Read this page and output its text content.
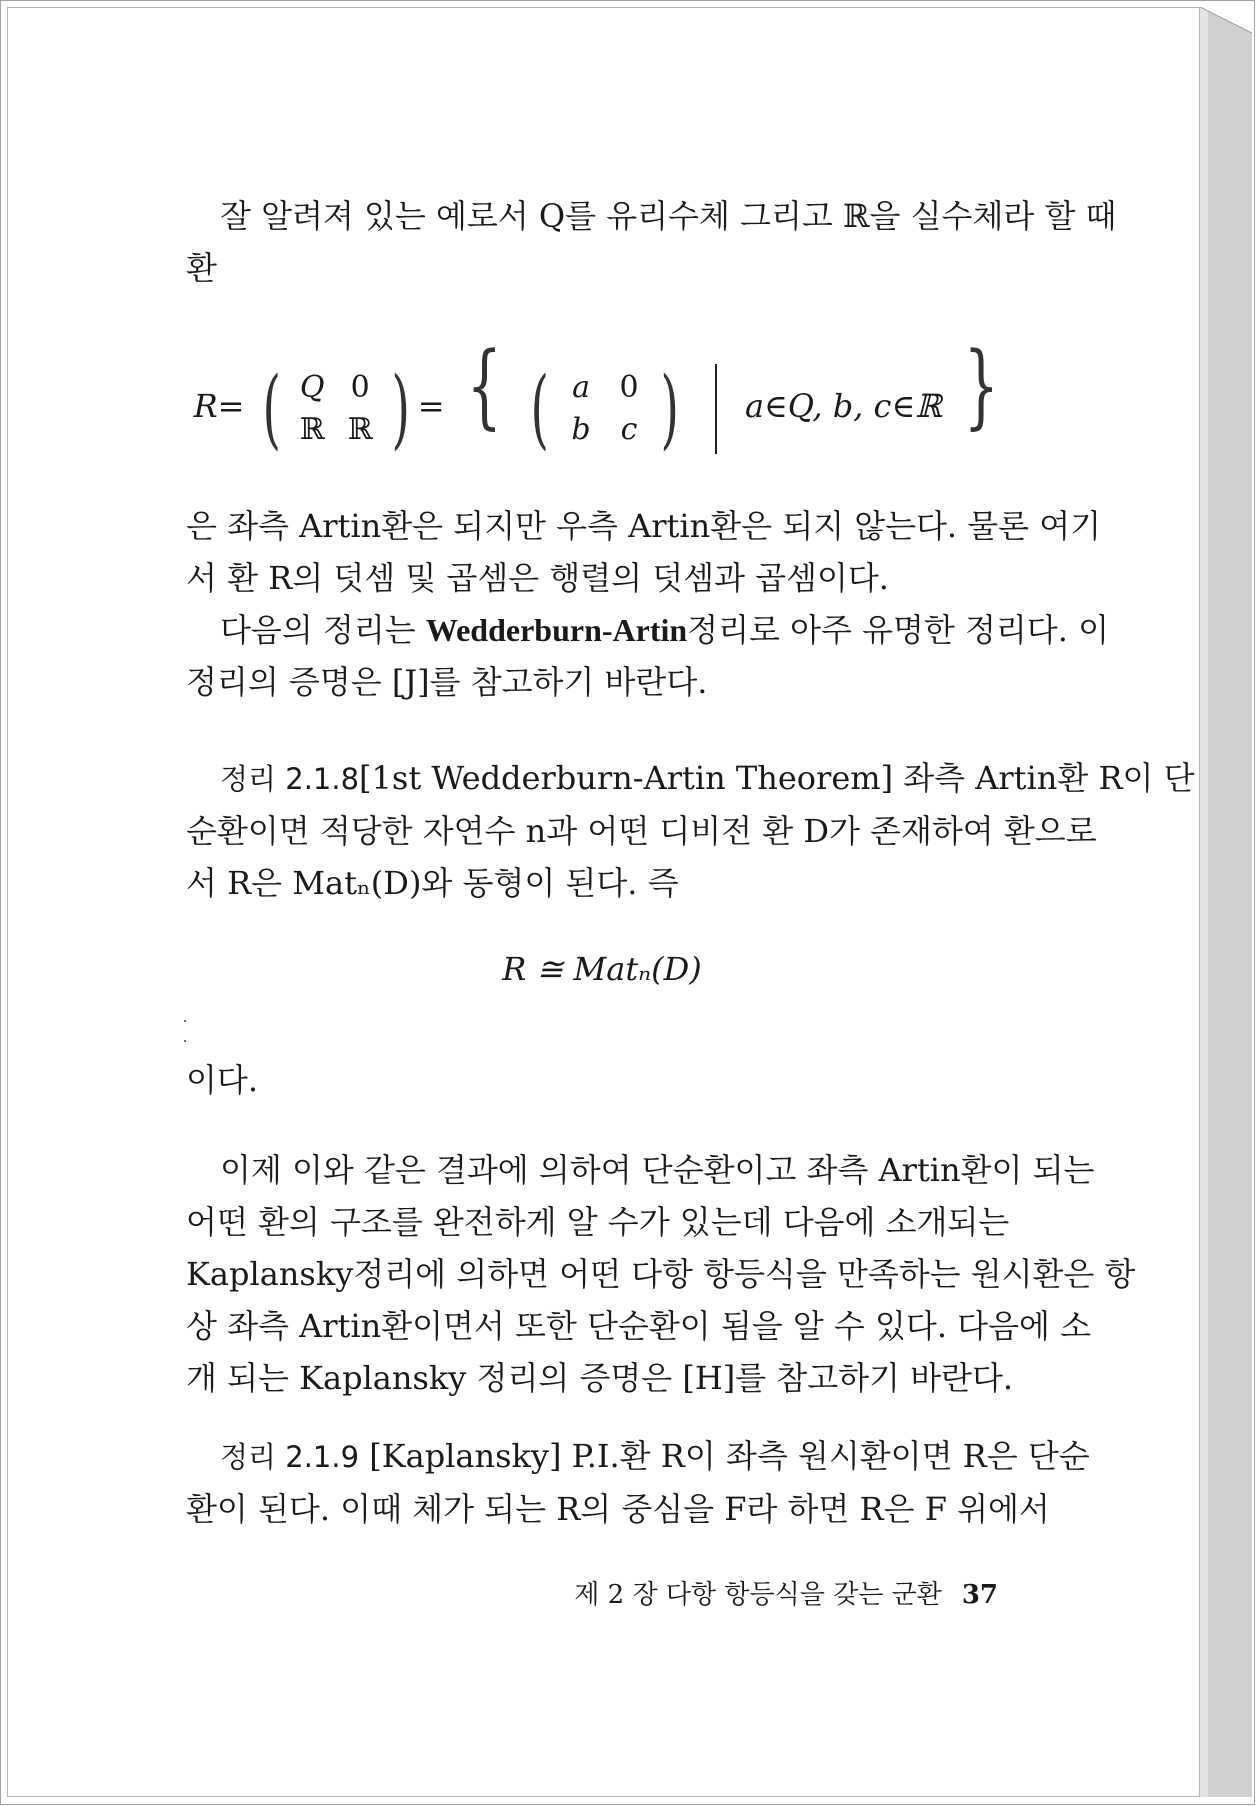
잘 알려져 있는 예로서 Q를 유리수체 그리고 ℝ을 실수체라 할 때
환
R= ( Q 0
ℝ ℝ ) = { ( a 0
b c ) a∈Q, b, c∈ℝ }
은 좌측 Artin환은 되지만 우측 Artin환은 되지 않는다. 물론 여기
서 환 R의 덧셈 및 곱셈은 행렬의 덧셈과 곱셈이다.
다음의 정리는 Wedderburn-Artin정리로 아주 유명한 정리다. 이
정리의 증명은 [J]를 참고하기 바란다.
정리 2.1.8[1st Wedderburn-Artin Theorem] 좌측 Artin환 R이 단
순환이면 적당한 자연수 n과 어떤 디비전 환 D가 존재하여 환으로
서 R은 Matₙ(D)와 동형이 된다. 즉
R ≅ Matₙ(D)
이다.
이제 이와 같은 결과에 의하여 단순환이고 좌측 Artin환이 되는
어떤 환의 구조를 완전하게 알 수가 있는데 다음에 소개되는
Kaplansky정리에 의하면 어떤 다항 항등식을 만족하는 원시환은 항
상 좌측 Artin환이면서 또한 단순환이 됨을 알 수 있다. 다음에 소
개 되는 Kaplansky 정리의 증명은 [H]를 참고하기 바란다.
정리 2.1.9 [Kaplansky] P.I.환 R이 좌측 원시환이면 R은 단순
환이 된다. 이때 체가 되는 R의 중심을 F라 하면 R은 F 위에서
제 2 장 다항 항등식을 갖는 군환 37
